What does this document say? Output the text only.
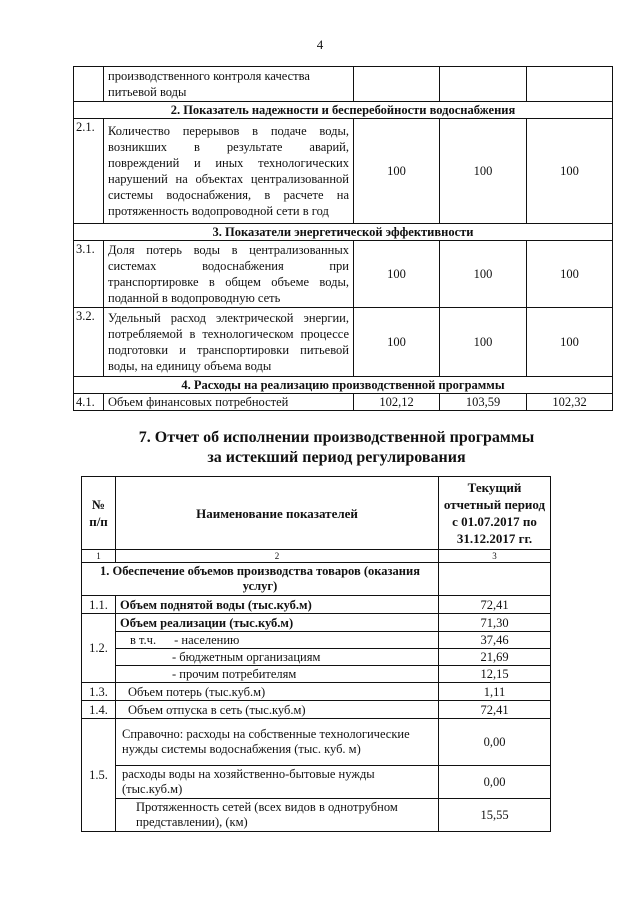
4

	производственного контроля качества
питьевой воды			

2. Показатель надежности и бесперебойности водоснабжения				
2.1.	Количество перерывов в подаче воды, возникших в результате аварий, повреждений и иных технологических нарушений на объектах централизованной системы водоснабжения, в расчете на протяженность водопроводной сети в год	100	100	100
3. Показатели энергетической эффективности				
3.1.	Доля потерь воды в централизованных системах водоснабжения при транспортировке в общем объеме воды, поданной в водопроводную сеть	100	100	100
3.2.	Удельный расход электрической энергии, потребляемой в технологическом процессе подготовки и транспортировки питьевой воды, на единицу объема воды	100	100	100
4. Расходы на реализацию производственной программы				
4.1.	Объем финансовых потребностей	102,12	103,59	102,32
7. Отчет об исполнении производственной программы
за истекший период регулирования
№ п/п	Наименование показателей	Текущий отчетный период с 01.07.2017 по 31.12.2017 гг.
1	2	3
1. Обеспечение объемов производства товаров (оказания услуг)		
1.1.	Объем поднятой воды (тыс.куб.м)	72,41
1.2.	Объем реализации (тыс.куб.м)	71,30
	в т.ч. - населению	37,46
	- бюджетным организациям	21,69
	- прочим потребителям	12,15
1.3.	Объем потерь (тыс.куб.м)	1,11
1.4.	Объем отпуска в сеть (тыс.куб.м)	72,41
1.5.	Справочно: расходы на собственные технологические нужды системы водоснабжения (тыс. куб. м)	0,00
	расходы воды на хозяйственно-бытовые нужды (тыс.куб.м)	0,00
	Протяженность сетей (всех видов в однотрубном представлении), (км)	15,55
